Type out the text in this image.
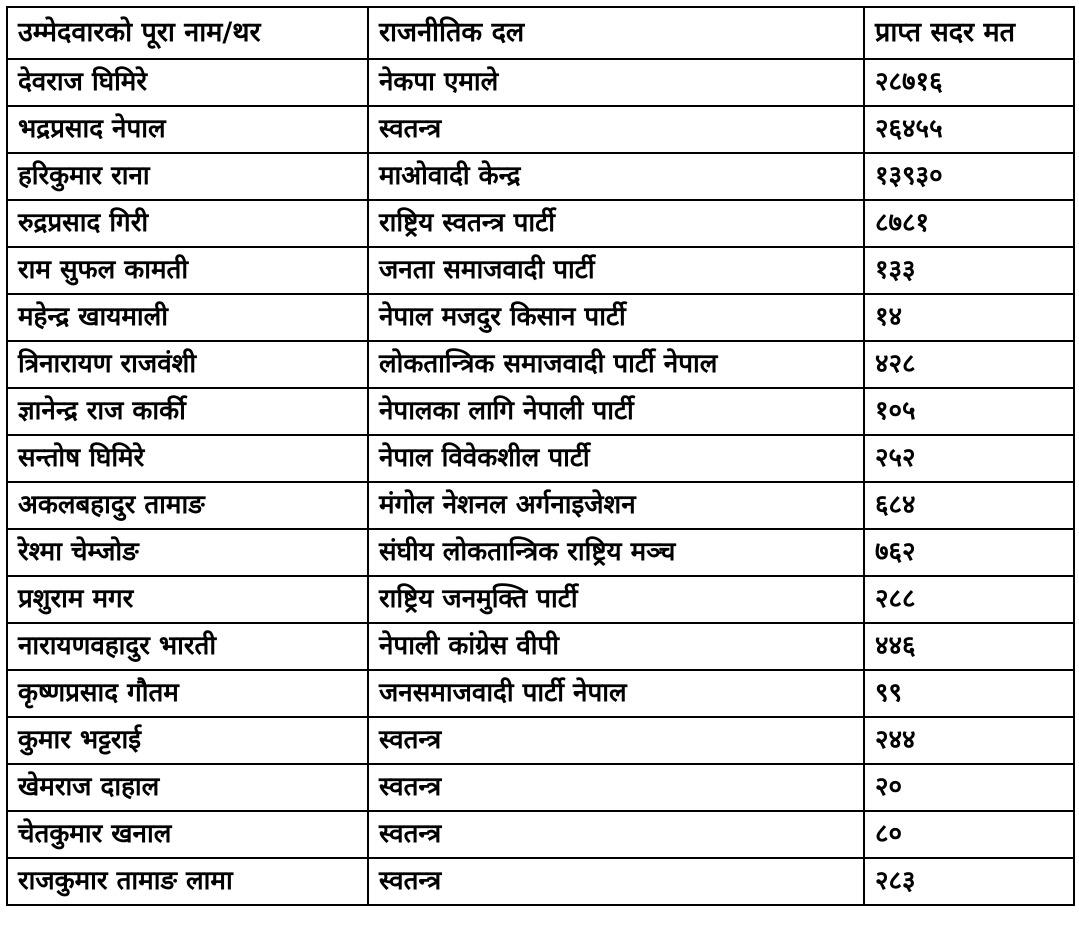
उम्मेदवारको पूरा नाम/थर	राजनीतिक दल	प्राप्त सदर मत
देवराज घिमिरे	नेकपा एमाले	२८७१६
भद्रप्रसाद नेपाल	स्वतन्त्र	२६४५५
हरिकुमार राना	माओवादी केन्द्र	१३९३०
रुद्रप्रसाद गिरी	राष्ट्रिय स्वतन्त्र पार्टी	८७८१
राम सुफल कामती	जनता समाजवादी पार्टी	१३३
महेन्द्र खायमाली	नेपाल मजदुर किसान पार्टी	१४
त्रिनारायण राजवंशी	लोकतान्त्रिक समाजवादी पार्टी नेपाल	४२८
ज्ञानेन्द्र राज कार्की	नेपालका लागि नेपाली पार्टी	१०५
सन्तोष घिमिरे	नेपाल विवेकशील पार्टी	२५२
अकलबहादुर तामाङ	मंगोल नेशनल अर्गनाइजेशन	६८४
रेश्मा चेम्जोङ	संघीय लोकतान्त्रिक राष्ट्रिय मञ्च	७६२
प्रशुराम मगर	राष्ट्रिय जनमुक्ति पार्टी	२८८
नारायणवहादुर भारती	नेपाली कांग्रेस वीपी	४४६
कृष्णप्रसाद गौतम	जनसमाजवादी पार्टी नेपाल	९९
कुमार भट्टराई	स्वतन्त्र	२४४
खेमराज दाहाल	स्वतन्त्र	२०
चेतकुमार खनाल	स्वतन्त्र	८०
राजकुमार तामाङ लामा	स्वतन्त्र	२८३
